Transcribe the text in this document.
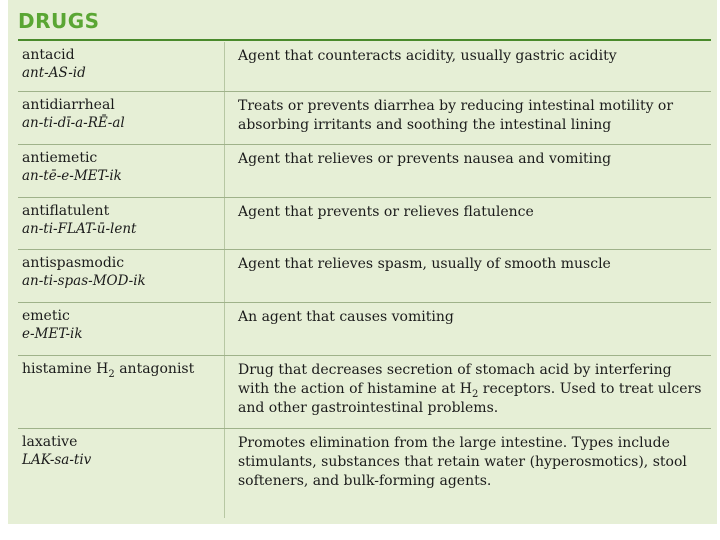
DRUGS
antacid
ant-AS-id
Agent that counteracts acidity, usually gastric acidity
antidiarrheal
an-ti-dī-a-RĒ-al
Treats or prevents diarrhea by reducing intestinal motility or absorbing irritants and soothing the intestinal lining
antiemetic
an-tē-e-MET-ik
Agent that relieves or prevents nausea and vomiting
antiflatulent
an-ti-FLAT-ū-lent
Agent that prevents or relieves flatulence
antispasmodic
an-ti-spas-MOD-ik
Agent that relieves spasm, usually of smooth muscle
emetic
e-MET-ik
An agent that causes vomiting
histamine $H_2$ antagonist	Drug that decreases secretion of stomach acid by interfering with the action of histamine at $H_2$ receptors. Used to treat ulcers and other gastrointestinal problems.
laxative
LAK-sa-tiv
Promotes elimination from the large intestine. Types include stimulants, substances that retain water (hyperosmotics), stool softeners, and bulk-forming agents.
